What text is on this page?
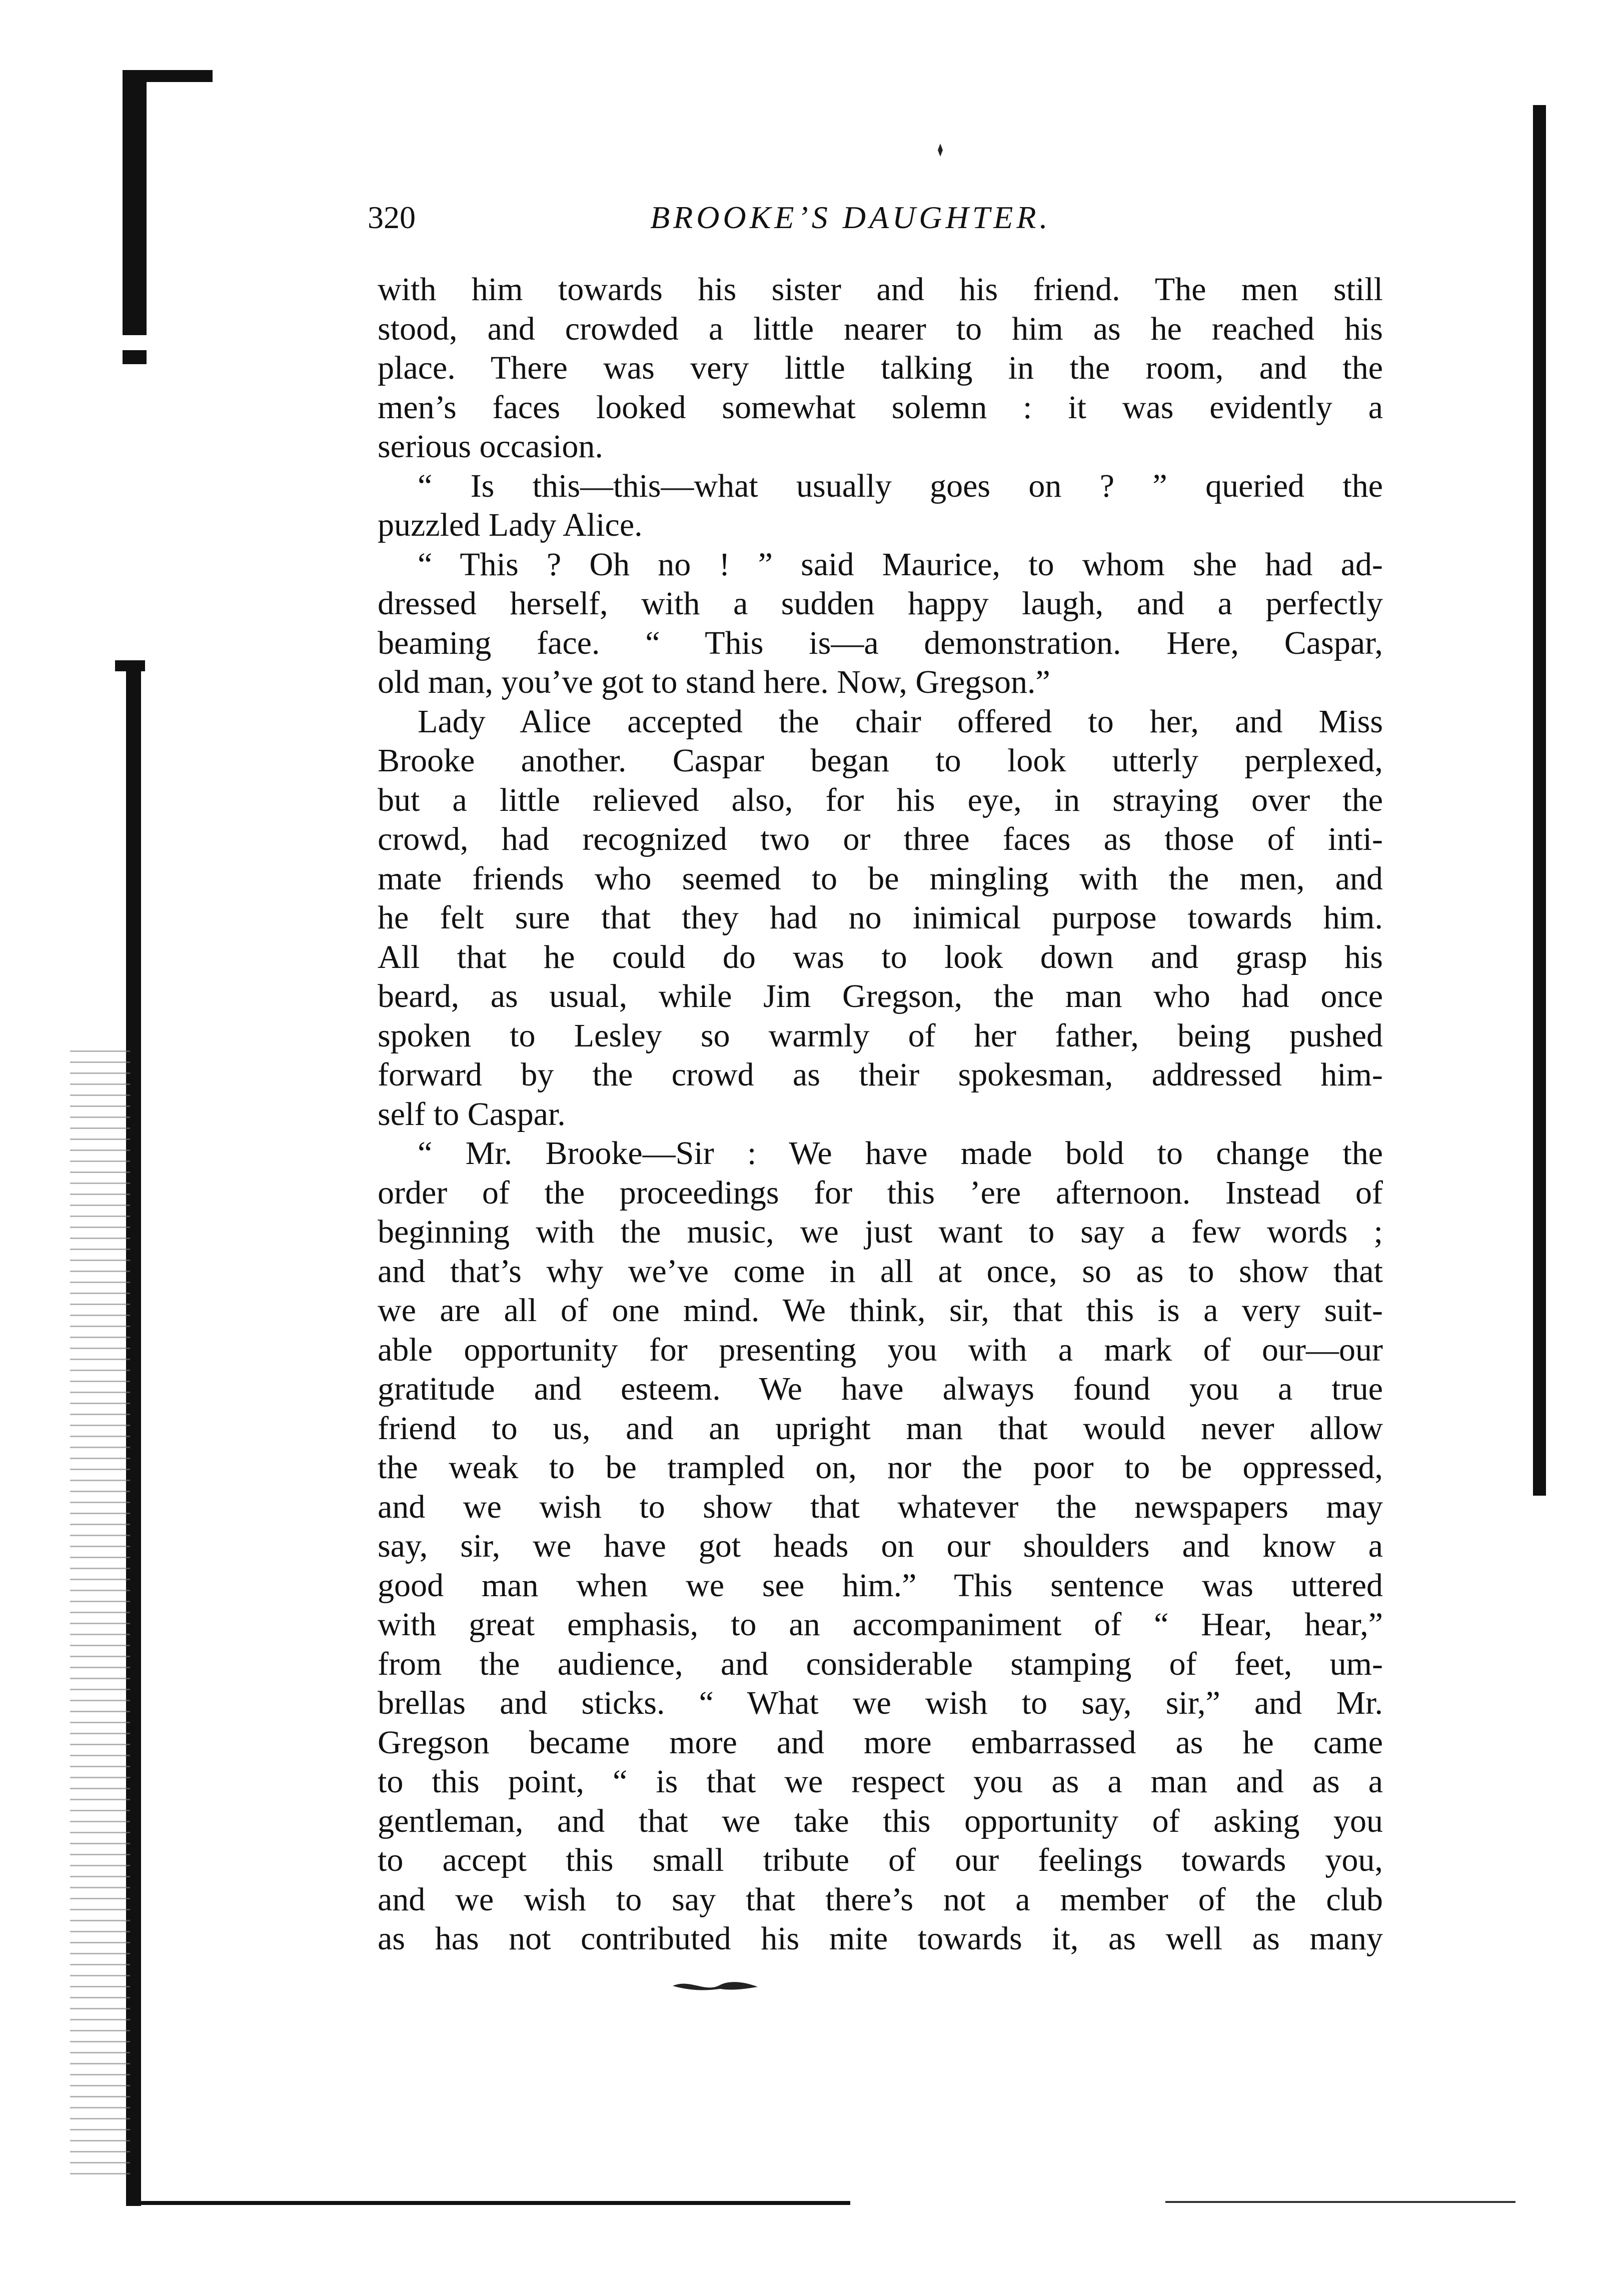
320	BROOKE’S DAUGHTER.
with him towards his sister and his friend. The men still
stood, and crowded a little nearer to him as he reached his
place. There was very little talking in the room, and the
men’s faces looked somewhat solemn : it was evidently a
serious occasion.
“ Is this—this—what usually goes on ? ” queried the
puzzled Lady Alice.
“ This ? Oh no ! ” said Maurice, to whom she had ad-
dressed herself, with a sudden happy laugh, and a perfectly
beaming face. “ This is—a demonstration. Here, Caspar,
old man, you’ve got to stand here. Now, Gregson.”
Lady Alice accepted the chair offered to her, and Miss
Brooke another. Caspar began to look utterly perplexed,
but a little relieved also, for his eye, in straying over the
crowd, had recognized two or three faces as those of inti-
mate friends who seemed to be mingling with the men, and
he felt sure that they had no inimical purpose towards him.
All that he could do was to look down and grasp his
beard, as usual, while Jim Gregson, the man who had once
spoken to Lesley so warmly of her father, being pushed
forward by the crowd as their spokesman, addressed him-
self to Caspar.
“ Mr. Brooke—Sir : We have made bold to change the
order of the proceedings for this ’ere afternoon. Instead of
beginning with the music, we just want to say a few words ;
and that’s why we’ve come in all at once, so as to show that
we are all of one mind. We think, sir, that this is a very suit-
able opportunity for presenting you with a mark of our—our
gratitude and esteem. We have always found you a true
friend to us, and an upright man that would never allow
the weak to be trampled on, nor the poor to be oppressed,
and we wish to show that whatever the newspapers may
say, sir, we have got heads on our shoulders and know a
good man when we see him.” This sentence was uttered
with great emphasis, to an accompaniment of “ Hear, hear,”
from the audience, and considerable stamping of feet, um-
brellas and sticks. “ What we wish to say, sir,” and Mr.
Gregson became more and more embarrassed as he came
to this point, “ is that we respect you as a man and as a
gentleman, and that we take this opportunity of asking you
to accept this small tribute of our feelings towards you,
and we wish to say that there’s not a member of the club
as has not contributed his mite towards it, as well as many
